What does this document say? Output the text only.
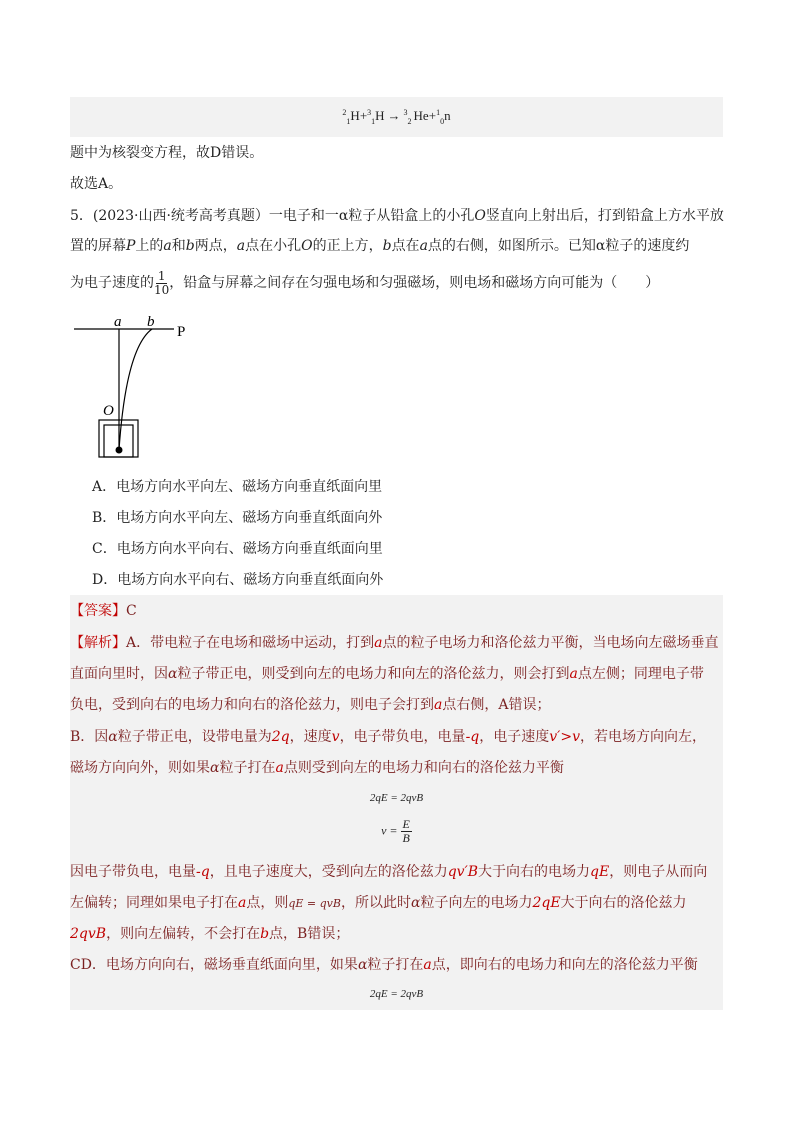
$^2_1$H+$^3_1$H → $^3_2$ He+$^1_0$n
题中为核裂变方程，故D错误。
故选A。
5．(2023·山西·统考高考真题）一电子和一α粒子从铅盒上的小孔O竖直向上射出后，打到铅盒上方水平放
置的屏幕P上的a和b两点，a点在小孔O的正上方，b点在a点的右侧，如图所示。已知α粒子的速度约
为电子速度的 $\frac{1}{10}$ ，铅盒与屏幕之间存在匀强电场和匀强磁场，则电场和磁场方向可能为（　　）
a b
P
O
A．电场方向水平向左、磁场方向垂直纸面向里
B．电场方向水平向左、磁场方向垂直纸面向外
C．电场方向水平向右、磁场方向垂直纸面向里
D．电场方向水平向右、磁场方向垂直纸面向外
【答案】C
【解析】A．带电粒子在电场和磁场中运动，打到a点的粒子电场力和洛伦兹力平衡，当电场向左磁场垂直
直面向里时，因α粒子带正电，则受到向左的电场力和向左的洛伦兹力，则会打到a点左侧；同理电子带
负电，受到向右的电场力和向右的洛伦兹力，则电子会打到a点右侧，A错误；
B．因α粒子带正电，设带电量为2q，速度v，电子带负电，电量-q，电子速度v′>v，若电场方向向左，
磁场方向向外，则如果α粒子打在a点则受到向左的电场力和向右的洛伦兹力平衡
2qE = 2qvB
$v = \frac{E}{B}$
因电子带负电，电量-q，且电子速度大，受到向左的洛伦兹力qv′B大于向右的电场力qE，则电子从而向
左偏转；同理如果电子打在a点，则qE = qvB，所以此时α粒子向左的电场力2qE大于向右的洛伦兹力
2qvB，则向左偏转，不会打在b点，B错误；
CD．电场方向向右，磁场垂直纸面向里，如果α粒子打在a点，即向右的电场力和向左的洛伦兹力平衡
2qE = 2qvB
